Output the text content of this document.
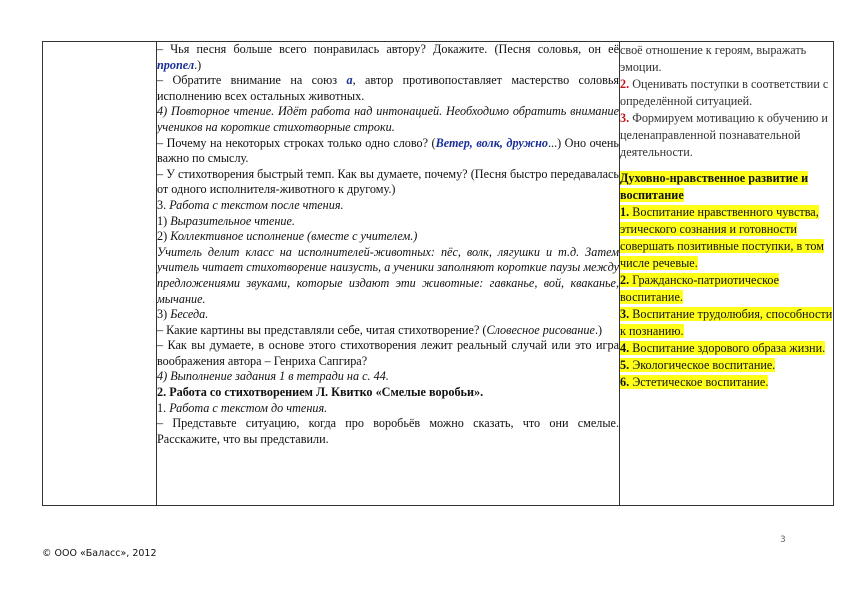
– Чья песня больше всего понравилась автору? Докажите. (Песня соловья, он её пропел.)

– Обратите внимание на союз а, автор противопоставляет мастерство соловья исполнению всех остальных животных.

4) Повторное чтение. Идёт работа над интонацией. Необходимо обратить внимание учеников на короткие стихотворные строки.

– Почему на некоторых строках только одно слово? (Ветер, волк, дружно...) Оно очень важно по смыслу.

– У стихотворения быстрый темп. Как вы думаете, почему? (Песня быстро передавалась от одного исполнителя-животного к другому.)

3. Работа с текстом после чтения.

1) Выразительное чтение.

2) Коллективное исполнение (вместе с учителем.)

Учитель делит класс на исполнителей-животных: пёс, волк, лягушки и т.д. Затем учитель читает стихотворение наизусть, а ученики заполняют короткие паузы между предложениями звуками, которые издают эти животные: гавканье, вой, кваканье, мычание.

3) Беседа.

– Какие картины вы представляли себе, читая стихотворение? (Словесное рисование.)

– Как вы думаете, в основе этого стихотворения лежит реальный случай или это игра воображения автора – Генриха Сапгира?

4) Выполнение задания 1 в тетради на с. 44.

2. Работа со стихотворением Л. Квитко «Смелые воробьи».

1. Работа с текстом до чтения.

– Представьте ситуацию, когда про воробьёв можно сказать, что они смелые. Расскажите, что вы представили.

своё отношение к героям, выражать эмоции.

2. Оценивать поступки в соответствии с определённой ситуацией.

3. Формируем мотивацию к обучению и целенаправленной познавательной деятельности.

Духовно-нравственное развитие и воспитание

1. Воспитание нравственного чувства, этического сознания и готовности совершать позитивные поступки, в том числе речевые.

2. Гражданско-патриотическое воспитание.

3. Воспитание трудолюбия, способности к познанию.

4. Воспитание здорового образа жизни.

5. Экологическое воспитание.

6. Эстетическое воспитание.

3
© ООО «Баласс», 2012
